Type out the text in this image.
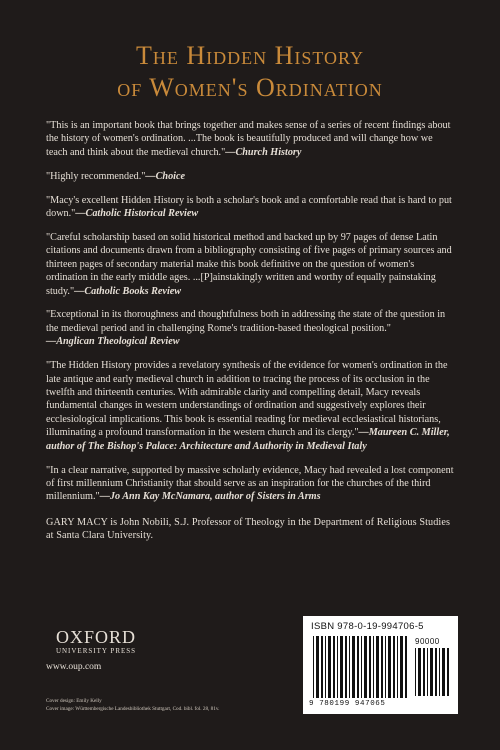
The Hidden History
of Women's Ordination

"This is an important book that brings together and makes sense of a series of recent findings about the history of women's ordination. ...The book is beautifully produced and will change how we teach and think about the medieval church."—Church History

"Highly recommended."—Choice

"Macy's excellent Hidden History is both a scholar's book and a comfortable read that is hard to put down."—Catholic Historical Review

"Careful scholarship based on solid historical method and backed up by 97 pages of dense Latin citations and documents drawn from a bibliography consisting of five pages of primary sources and thirteen pages of secondary material make this book definitive on the question of women's ordination in the early middle ages. ...[P]ainstakingly written and worthy of equally painstaking study."—Catholic Books Review

"Exceptional in its thoroughness and thoughtfulness both in addressing the state of the question in the medieval period and in challenging Rome's tradition-based theological position."
—Anglican Theological Review

"The Hidden History provides a revelatory synthesis of the evidence for women's ordination in the late antique and early medieval church in addition to tracing the process of its occlusion in the twelfth and thirteenth centuries. With admirable clarity and compelling detail, Macy reveals fundamental changes in western understandings of ordination and suggestively explores their ecclesiological implications. This book is essential reading for medieval ecclesiastical historians, illuminating a profound transformation in the western church and its clergy."—Maureen C. Miller, author of The Bishop's Palace: Architecture and Authority in Medieval Italy

"In a clear narrative, supported by massive scholarly evidence, Macy had revealed a lost component of first millennium Christianity that should serve as an inspiration for the churches of the third millennium."—Jo Ann Kay McNamara, author of Sisters in Arms

GARY MACY is John Nobili, S.J. Professor of Theology in the Department of Religious Studies at Santa Clara University.

OXFORD
UNIVERSITY PRESS
www.oup.com
Cover design: Emily Kelly
Cover image: Württembergische Landesbibliothek Stuttgart, Cod. bibl. fol. 28, 81v.
ISBN 978-0-19-994706-5
90000
9 780199 947065
